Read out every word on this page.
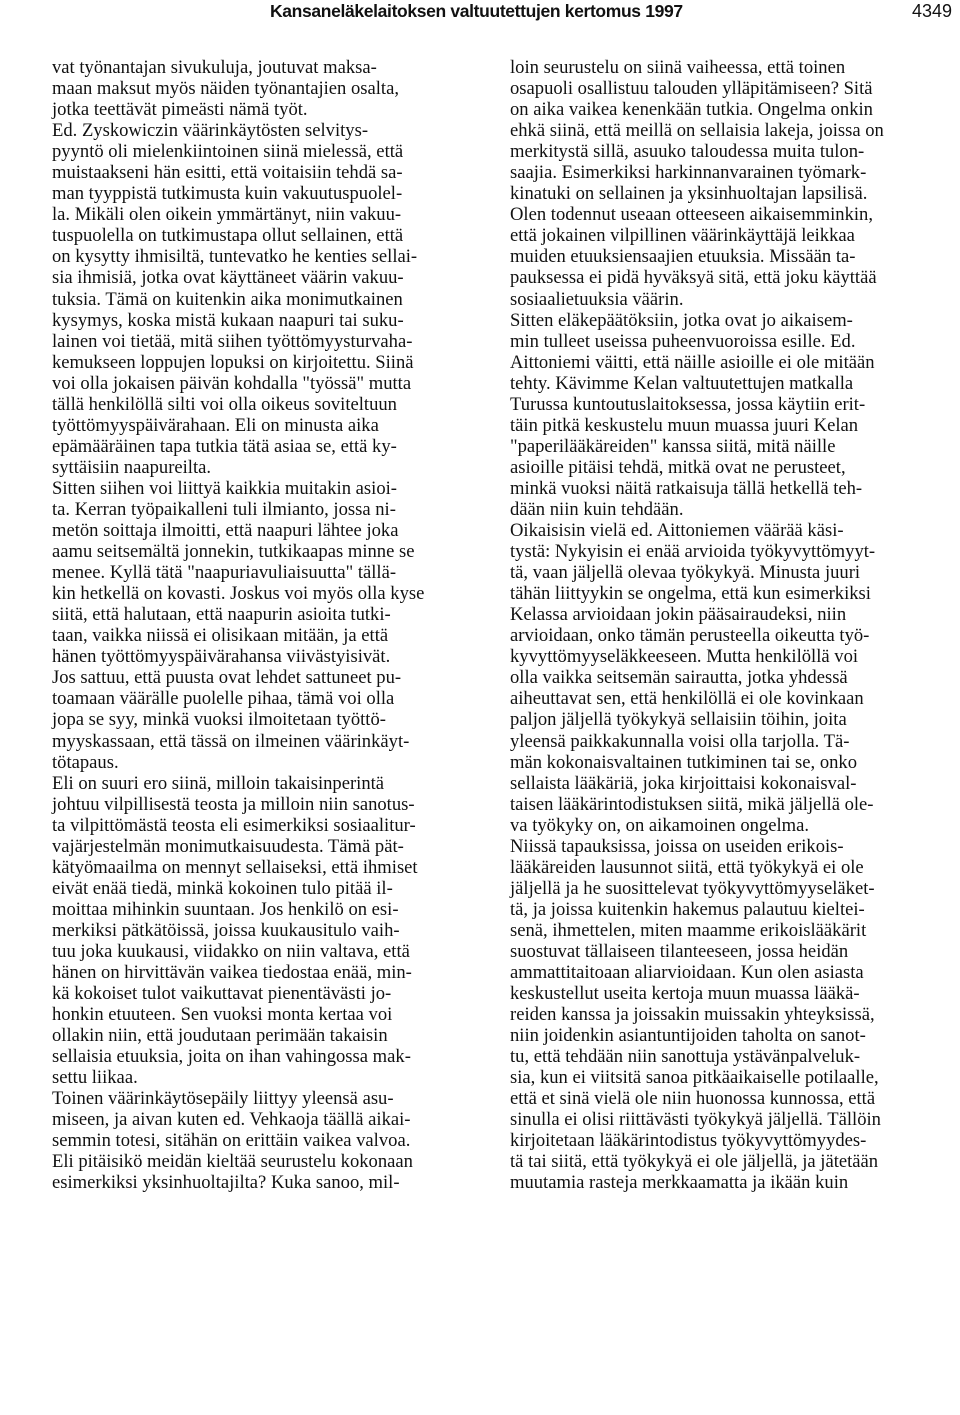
Kansaneläkelaitoksen valtuutettujen kertomus 1997	4349
vat työnantajan sivukuluja, joutuvat maksa-
maan maksut myös näiden työnantajien osalta,
jotka teettävät pimeästi nämä työt.
Ed. Zyskowiczin väärinkäytösten selvitys-
pyyntö oli mielenkiintoinen siinä mielessä, että
muistaakseni hän esitti, että voitaisiin tehdä sa-
man tyyppistä tutkimusta kuin vakuutuspuolel-
la. Mikäli olen oikein ymmärtänyt, niin vakuu-
tuspuolella on tutkimustapa ollut sellainen, että
on kysytty ihmisiltä, tuntevatko he kenties sellai-
sia ihmisiä, jotka ovat käyttäneet väärin vakuu-
tuksia. Tämä on kuitenkin aika monimutkainen
kysymys, koska mistä kukaan naapuri tai suku-
lainen voi tietää, mitä siihen työttömyysturvaha-
kemukseen loppujen lopuksi on kirjoitettu. Siinä
voi olla jokaisen päivän kohdalla "työssä" mutta
tällä henkilöllä silti voi olla oikeus soviteltuun
työttömyyspäivärahaan. Eli on minusta aika
epämääräinen tapa tutkia tätä asiaa se, että ky-
syttäisiin naapureilta.
Sitten siihen voi liittyä kaikkia muitakin asioi-
ta. Kerran työpaikalleni tuli ilmianto, jossa ni-
metön soittaja ilmoitti, että naapuri lähtee joka
aamu seitsemältä jonnekin, tutkikaapas minne se
menee. Kyllä tätä "naapuriavuliaisuutta" tällä-
kin hetkellä on kovasti. Joskus voi myös olla kyse
siitä, että halutaan, että naapurin asioita tutki-
taan, vaikka niissä ei olisikaan mitään, ja että
hänen työttömyyspäivärahansa viivästyisivät.
Jos sattuu, että puusta ovat lehdet sattuneet pu-
toamaan väärälle puolelle pihaa, tämä voi olla
jopa se syy, minkä vuoksi ilmoitetaan työttö-
myyskassaan, että tässä on ilmeinen väärinkäyt-
tötapaus.
Eli on suuri ero siinä, milloin takaisinperintä
johtuu vilpillisestä teosta ja milloin niin sanotus-
ta vilpittömästä teosta eli esimerkiksi sosiaalitur-
vajärjestelmän monimutkaisuudesta. Tämä pät-
kätyömaailma on mennyt sellaiseksi, että ihmiset
eivät enää tiedä, minkä kokoinen tulo pitää il-
moittaa mihinkin suuntaan. Jos henkilö on esi-
merkiksi pätkätöissä, joissa kuukausitulo vaih-
tuu joka kuukausi, viidakko on niin valtava, että
hänen on hirvittävän vaikea tiedostaa enää, min-
kä kokoiset tulot vaikuttavat pienentävästi jo-
honkin etuuteen. Sen vuoksi monta kertaa voi
ollakin niin, että joudutaan perimään takaisin
sellaisia etuuksia, joita on ihan vahingossa mak-
settu liikaa.
Toinen väärinkäytösepäily liittyy yleensä asu-
miseen, ja aivan kuten ed. Vehkaoja täällä aikai-
semmin totesi, sitähän on erittäin vaikea valvoa.
Eli pitäisikö meidän kieltää seurustelu kokonaan
esimerkiksi yksinhuoltajilta? Kuka sanoo, mil-
loin seurustelu on siinä vaiheessa, että toinen
osapuoli osallistuu talouden ylläpitämiseen? Sitä
on aika vaikea kenenkään tutkia. Ongelma onkin
ehkä siinä, että meillä on sellaisia lakeja, joissa on
merkitystä sillä, asuuko taloudessa muita tulon-
saajia. Esimerkiksi harkinnanvarainen työmark-
kinatuki on sellainen ja yksinhuoltajan lapsilisä.
Olen todennut useaan otteeseen aikaisemminkin,
että jokainen vilpillinen väärinkäyttäjä leikkaa
muiden etuuksiensaajien etuuksia. Missään ta-
pauksessa ei pidä hyväksyä sitä, että joku käyttää
sosiaalietuuksia väärin.
Sitten eläkepäätöksiin, jotka ovat jo aikaisem-
min tulleet useissa puheenvuoroissa esille. Ed.
Aittoniemi väitti, että näille asioille ei ole mitään
tehty. Kävimme Kelan valtuutettujen matkalla
Turussa kuntoutuslaitoksessa, jossa käytiin erit-
täin pitkä keskustelu muun muassa juuri Kelan
"paperilääkäreiden" kanssa siitä, mitä näille
asioille pitäisi tehdä, mitkä ovat ne perusteet,
minkä vuoksi näitä ratkaisuja tällä hetkellä teh-
dään niin kuin tehdään.
Oikaisisin vielä ed. Aittoniemen väärää käsi-
tystä: Nykyisin ei enää arvioida työkyvyttömyyt-
tä, vaan jäljellä olevaa työkykyä. Minusta juuri
tähän liittyykin se ongelma, että kun esimerkiksi
Kelassa arvioidaan jokin pääsairaudeksi, niin
arvioidaan, onko tämän perusteella oikeutta työ-
kyvyttömyyseläkkeeseen. Mutta henkilöllä voi
olla vaikka seitsemän sairautta, jotka yhdessä
aiheuttavat sen, että henkilöllä ei ole kovinkaan
paljon jäljellä työkykyä sellaisiin töihin, joita
yleensä paikkakunnalla voisi olla tarjolla. Tä-
män kokonaisvaltainen tutkiminen tai se, onko
sellaista lääkäriä, joka kirjoittaisi kokonaisval-
taisen lääkärintodistuksen siitä, mikä jäljellä ole-
va työkyky on, on aikamoinen ongelma.
Niissä tapauksissa, joissa on useiden erikois-
lääkäreiden lausunnot siitä, että työkykyä ei ole
jäljellä ja he suosittelevat työkyvyttömyyseläket-
tä, ja joissa kuitenkin hakemus palautuu kieltei-
senä, ihmettelen, miten maamme erikoislääkärit
suostuvat tällaiseen tilanteeseen, jossa heidän
ammattitaitoaan aliarvioidaan. Kun olen asiasta
keskustellut useita kertoja muun muassa lääkä-
reiden kanssa ja joissakin muissakin yhteyksissä,
niin joidenkin asiantuntijoiden taholta on sanot-
tu, että tehdään niin sanottuja ystävänpalveluk-
sia, kun ei viitsitä sanoa pitkäaikaiselle potilaalle,
että et sinä vielä ole niin huonossa kunnossa, että
sinulla ei olisi riittävästi työkykyä jäljellä. Tällöin
kirjoitetaan lääkärintodistus työkyvyttömyydes-
tä tai siitä, että työkykyä ei ole jäljellä, ja jätetään
muutamia rasteja merkkaamatta ja ikään kuin
